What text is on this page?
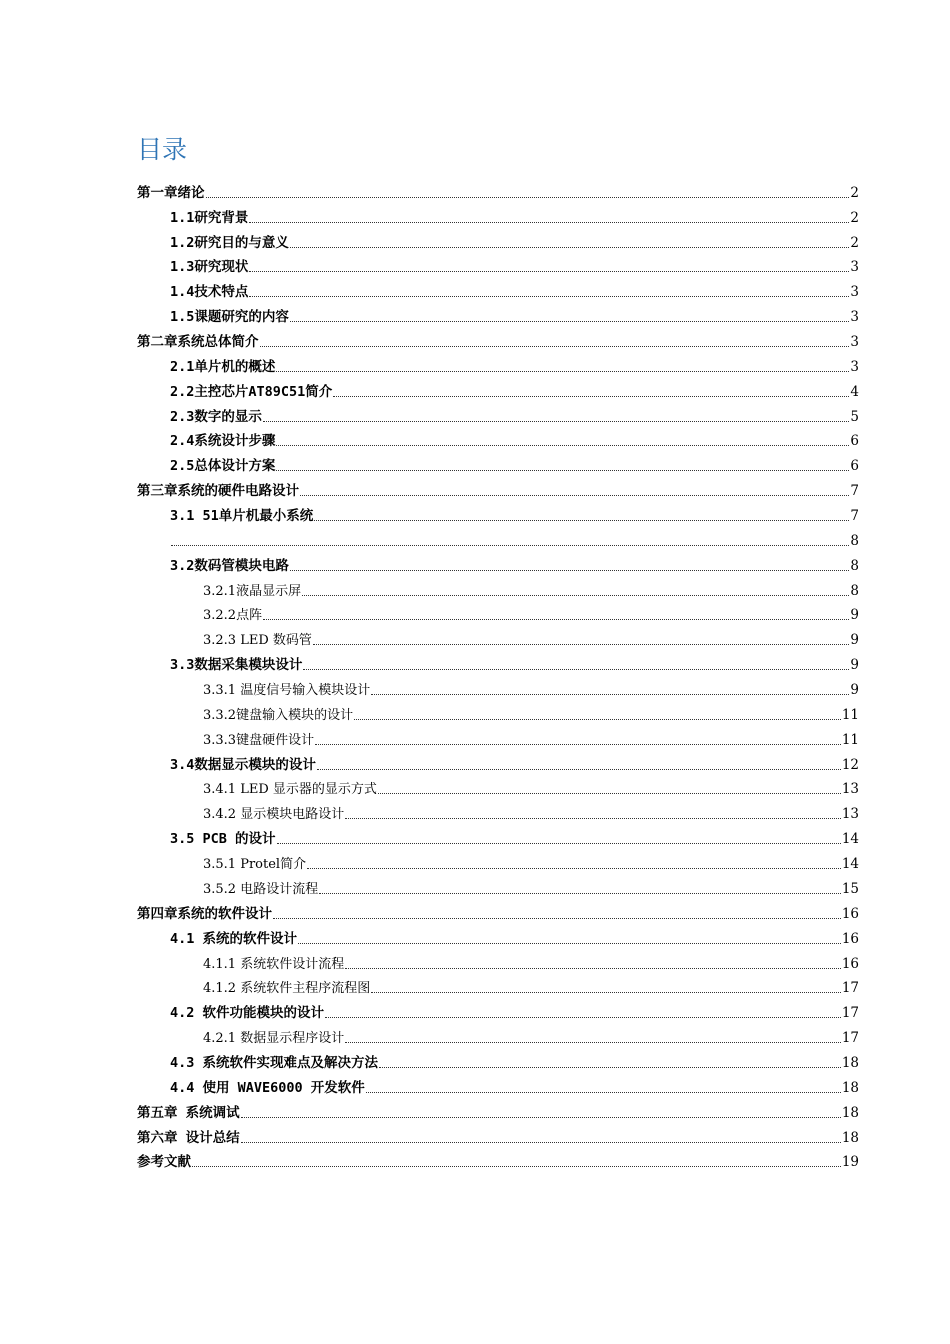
目录
第一章绪论	2
1.1研究背景	2
1.2研究目的与意义	2
1.3研究现状	3
1.4技术特点	3
1.5课题研究的内容	3
第二章系统总体简介	3
2.1单片机的概述	3
2.2主控芯片AT89C51简介	4
2.3数字的显示	5
2.4系统设计步骤	6
2.5总体设计方案	6
第三章系统的硬件电路设计	7
3.1 51单片机最小系统	7
8
3.2数码管模块电路	8
3.2.1液晶显示屏	8
3.2.2点阵	9
3.2.3 LED 数码管	9
3.3数据采集模块设计	9
3.3.1 温度信号输入模块设计	9
3.3.2键盘输入模块的设计	11
3.3.3键盘硬件设计	11
3.4数据显示模块的设计	12
3.4.1 LED 显示器的显示方式	13
3.4.2 显示模块电路设计	13
3.5 PCB 的设计	14
3.5.1 Protel简介	14
3.5.2 电路设计流程	15
第四章系统的软件设计	16
4.1 系统的软件设计	16
4.1.1 系统软件设计流程	16
4.1.2 系统软件主程序流程图	17
4.2 软件功能模块的设计	17
4.2.1 数据显示程序设计	17
4.3 系统软件实现难点及解决方法	18
4.4 使用 WAVE6000 开发软件	18
第五章 系统调试	18
第六章 设计总结	18
参考文献	19
